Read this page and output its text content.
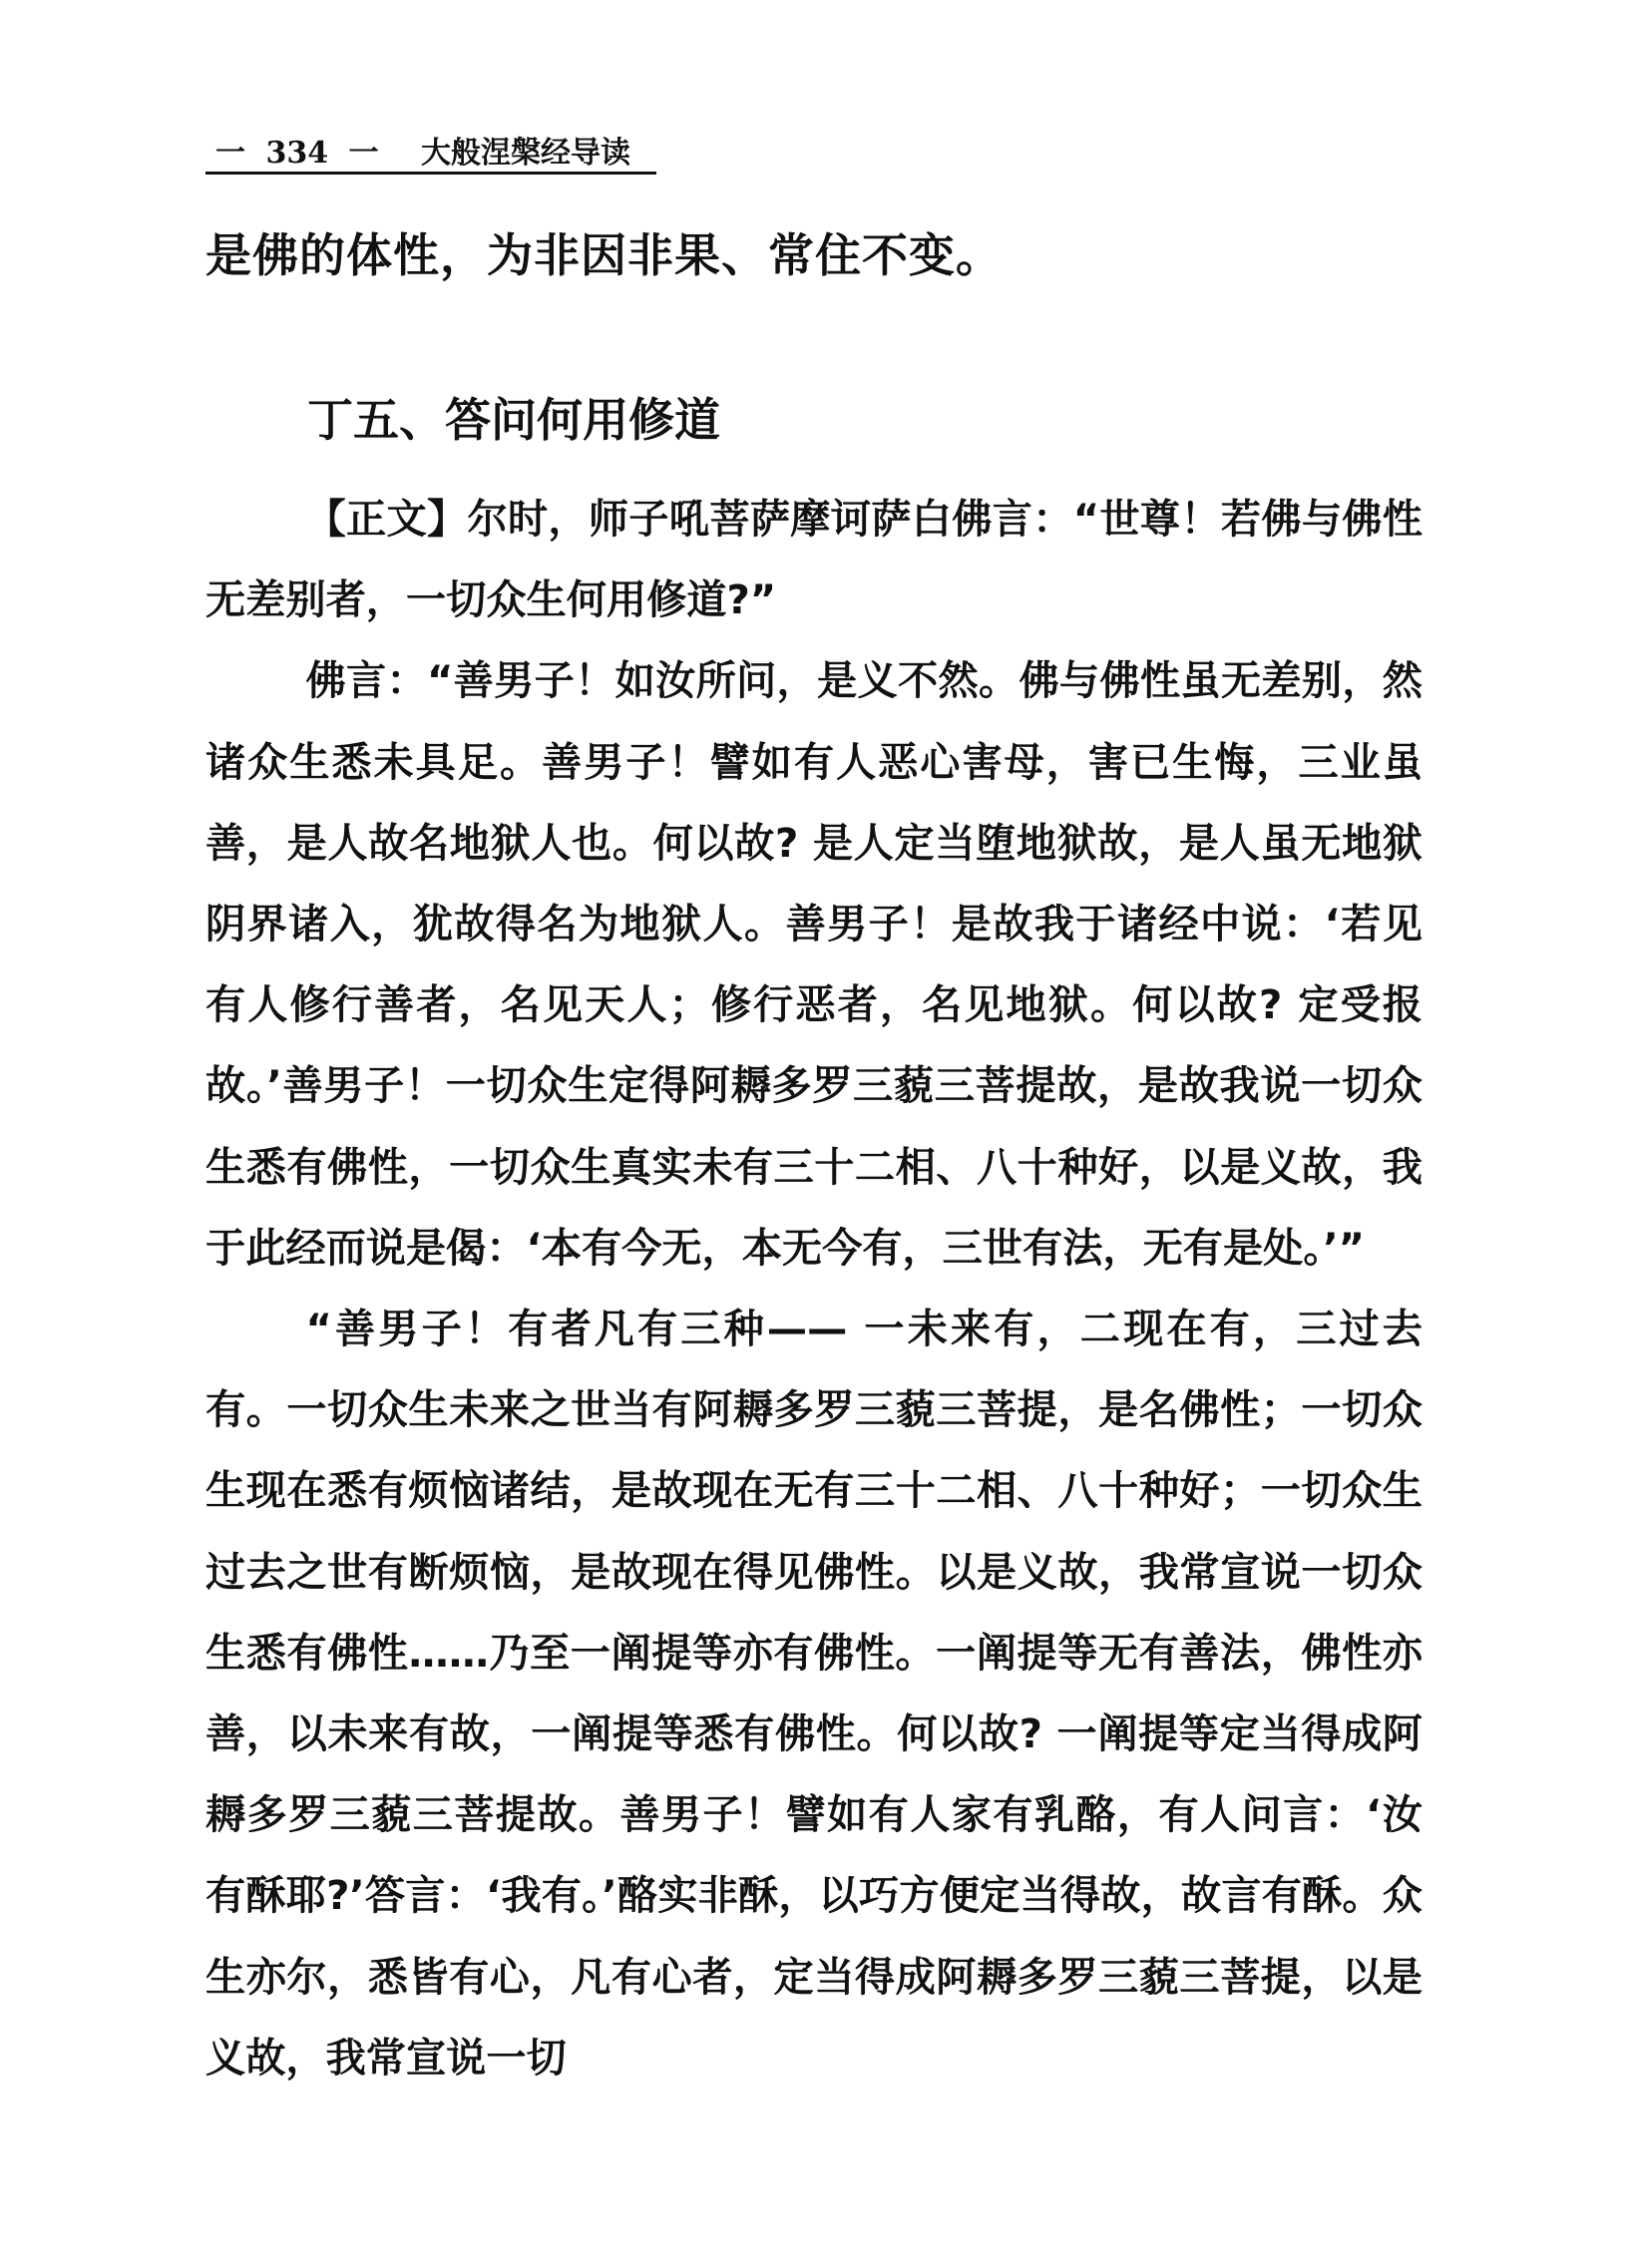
一 334 一 大般涅槃经导读
是佛的体性，为非因非果、常住不变。
丁五、答问何用修道

【正文】尔时，师子吼菩萨摩诃萨白佛言：“世尊！若佛与佛性无差别者，一切众生何用修道?”

佛言：“善男子！如汝所问，是义不然。佛与佛性虽无差别，然诸众生悉未具足。善男子！譬如有人恶心害母，害已生悔，三业虽善，是人故名地狱人也。何以故? 是人定当堕地狱故，是人虽无地狱阴界诸入，犹故得名为地狱人。善男子！是故我于诸经中说：‘若见有人修行善者，名见天人；修行恶者，名见地狱。何以故? 定受报故。’善男子！一切众生定得阿耨多罗三藐三菩提故，是故我说一切众生悉有佛性，一切众生真实未有三十二相、八十种好，以是义故，我于此经而说是偈：‘本有今无，本无今有，三世有法，无有是处。’”

“善男子！有者凡有三种—— 一未来有，二现在有，三过去有。一切众生未来之世当有阿耨多罗三藐三菩提，是名佛性；一切众生现在悉有烦恼诸结，是故现在无有三十二相、八十种好；一切众生过去之世有断烦恼，是故现在得见佛性。以是义故，我常宣说一切众生悉有佛性……乃至一阐提等亦有佛性。一阐提等无有善法，佛性亦善，以未来有故，一阐提等悉有佛性。何以故? 一阐提等定当得成阿耨多罗三藐三菩提故。善男子！譬如有人家有乳酪，有人问言：‘汝有酥耶?’答言：‘我有。’酪实非酥，以巧方便定当得故，故言有酥。众生亦尔，悉皆有心，凡有心者，定当得成阿耨多罗三藐三菩提，以是义故，我常宣说一切
